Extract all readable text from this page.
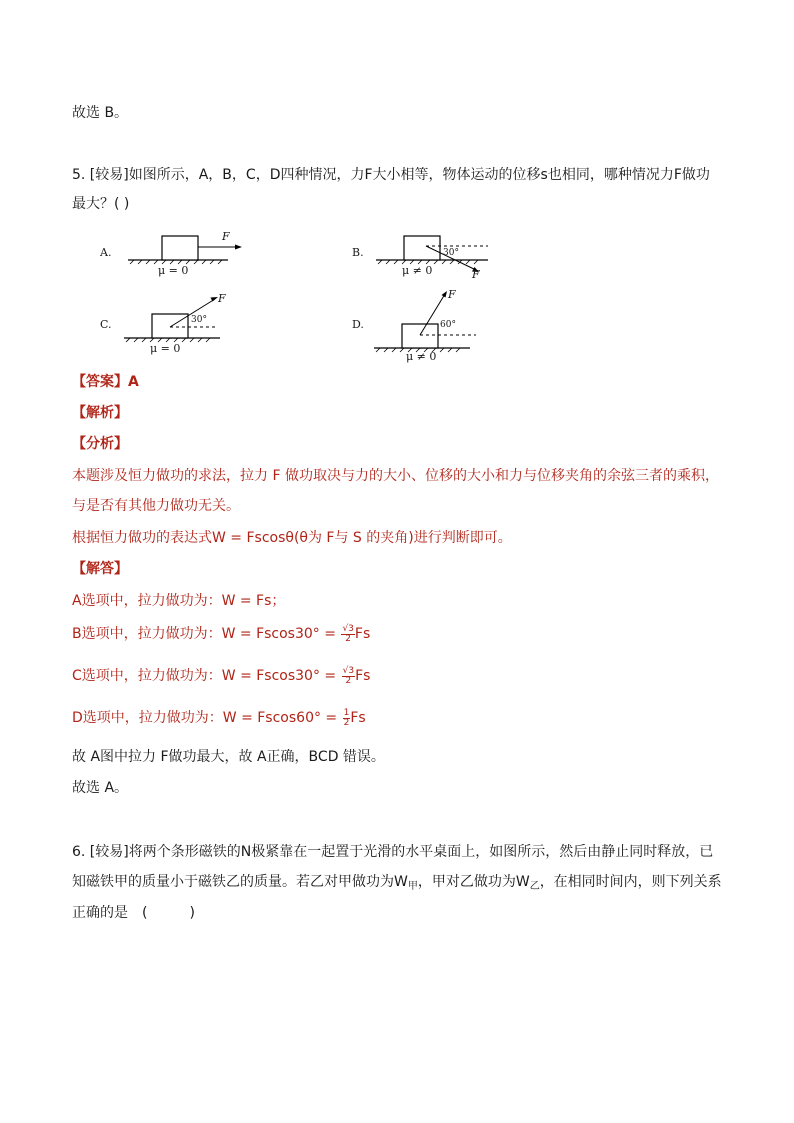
故选 B。
5. [较易]如图所示，A，B，C，D四种情况，力F大小相等，物体运动的位移s也相同，哪种情况力F做功
最大？( )
A.
F
μ = 0
B.	30°
F
μ ≠ 0
C.	30°
F
μ = 0
D.	60°
F
μ ≠ 0
【答案】A
【解析】
【分析】
本题涉及恒力做功的求法，拉力 F 做功取决与力的大小、位移的大小和力与位移夹角的余弦三者的乘积，
与是否有其他力做功无关。
根据恒力做功的表达式W = Fscosθ(θ为 F与 S 的夹角)进行判断即可。
【解答】
A选项中，拉力做功为：W = Fs；
B选项中，拉力做功为：$W = Fscos30^\circ = \frac{√3}{2}$ Fs
C选项中，拉力做功为：$W = Fscos30^\circ = \frac{√3}{2}$ Fs
D选项中，拉力做功为：$W = Fscos60^\circ = \frac{1}{2}$ Fs
故 A图中拉力 F做功最大，故 A正确，BCD 错误。
故选 A。
6. [较易]将两个条形磁铁的N极紧靠在一起置于光滑的水平桌面上，如图所示，然后由静止同时释放，已
知磁铁甲的质量小于磁铁乙的质量。若乙对甲做功为$W_甲$，甲对乙做功为$W_乙$，在相同时间内，则下列关系
正确的是　(　　　)
